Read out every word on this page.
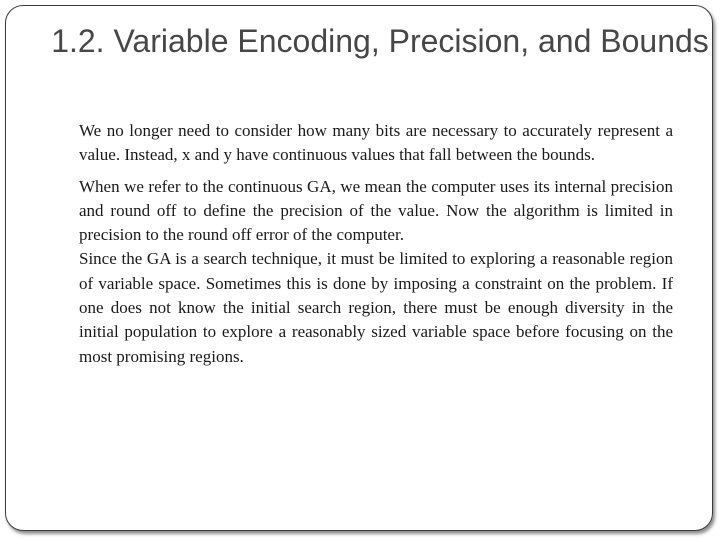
1.2. Variable Encoding, Precision, and Bounds

We no longer need to consider how many bits are necessary to accurately represent a value. Instead, x and y have continuous values that fall between the bounds.

When we refer to the continuous GA, we mean the computer uses its internal precision and round off to define the precision of the value. Now the algorithm is limited in precision to the round off error of the computer.

Since the GA is a search technique, it must be limited to exploring a reasonable region of variable space. Sometimes this is done by imposing a constraint on the problem. If one does not know the initial search region, there must be enough diversity in the initial population to explore a reasonably sized variable space before focusing on the most promising regions.
